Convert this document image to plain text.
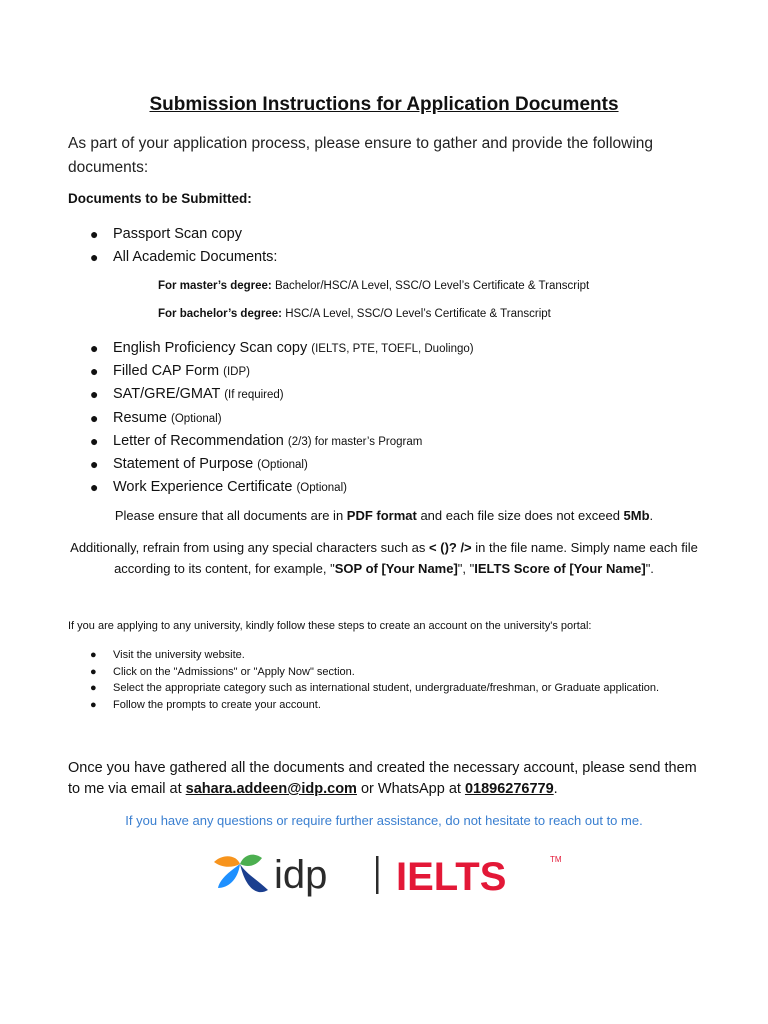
Submission Instructions for Application Documents
As part of your application process, please ensure to gather and provide the following documents:
Documents to be Submitted:
● Passport Scan copy
● All Academic Documents:
For master’s degree: Bachelor/HSC/A Level, SSC/O Level’s Certificate & Transcript
For bachelor’s degree: HSC/A Level, SSC/O Level’s Certificate & Transcript
● English Proficiency Scan copy (IELTS, PTE, TOEFL, Duolingo)
● Filled CAP Form (IDP)
● SAT/GRE/GMAT (If required)
● Resume (Optional)
● Letter of Recommendation (2/3) for master’s Program
● Statement of Purpose (Optional)
● Work Experience Certificate (Optional)
Please ensure that all documents are in PDF format and each file size does not exceed 5Mb.
Additionally, refrain from using any special characters such as < ()? /> in the file name. Simply name each file according to its content, for example, "SOP of [Your Name]", "IELTS Score of [Your Name]".
If you are applying to any university, kindly follow these steps to create an account on the university's portal:
● Visit the university website.
● Click on the "Admissions" or "Apply Now" section.
● Select the appropriate category such as international student, undergraduate/freshman, or Graduate application.
● Follow the prompts to create your account.
Once you have gathered all the documents and created the necessary account, please send them to me via email at sahara.addeen@idp.com or WhatsApp at 01896276779.
If you have any questions or require further assistance, do not hesitate to reach out to me.
idp IELTS	TM
